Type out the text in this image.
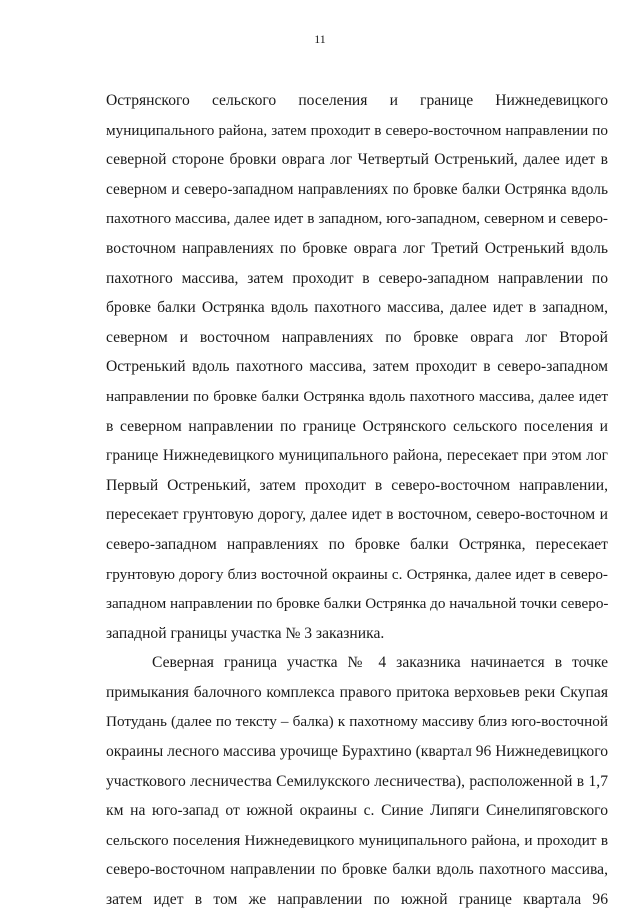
11
Острянского сельского поселения и границе Нижнедевицкого
муниципального района, затем проходит в северо-восточном направлении по
северной стороне бровки оврага лог Четвертый Остренький, далее идет в
северном и северо-западном направлениях по бровке балки Острянка вдоль
пахотного массива, далее идет в западном, юго-западном, северном и северо-
восточном направлениях по бровке оврага лог Третий Остренький вдоль
пахотного массива, затем проходит в северо-западном направлении по
бровке балки Острянка вдоль пахотного массива, далее идет в западном,
северном и восточном направлениях по бровке оврага лог Второй
Остренький вдоль пахотного массива, затем проходит в северо-западном
направлении по бровке балки Острянка вдоль пахотного массива, далее идет
в северном направлении по границе Острянского сельского поселения и
границе Нижнедевицкого муниципального района, пересекает при этом лог
Первый Остренький, затем проходит в северо-восточном направлении,
пересекает грунтовую дорогу, далее идет в восточном, северо-восточном и
северо-западном направлениях по бровке балки Острянка, пересекает
грунтовую дорогу близ восточной окраины с. Острянка, далее идет в северо-
западном направлении по бровке балки Острянка до начальной точки северо-
западной границы участка № 3 заказника.
Северная граница участка № 4 заказника начинается в точке
примыкания балочного комплекса правого притока верховьев реки Скупая
Потудань (далее по тексту – балка) к пахотному массиву близ юго-восточной
окраины лесного массива урочище Бурахтино (квартал 96 Нижнедевицкого
участкового лесничества Семилукского лесничества), расположенной в 1,7
км на юго-запад от южной окраины с. Синие Липяги Синелипяговского
сельского поселения Нижнедевицкого муниципального района, и проходит в
северо-восточном направлении по бровке балки вдоль пахотного массива,
затем идет в том же направлении по южной границе квартала 96
